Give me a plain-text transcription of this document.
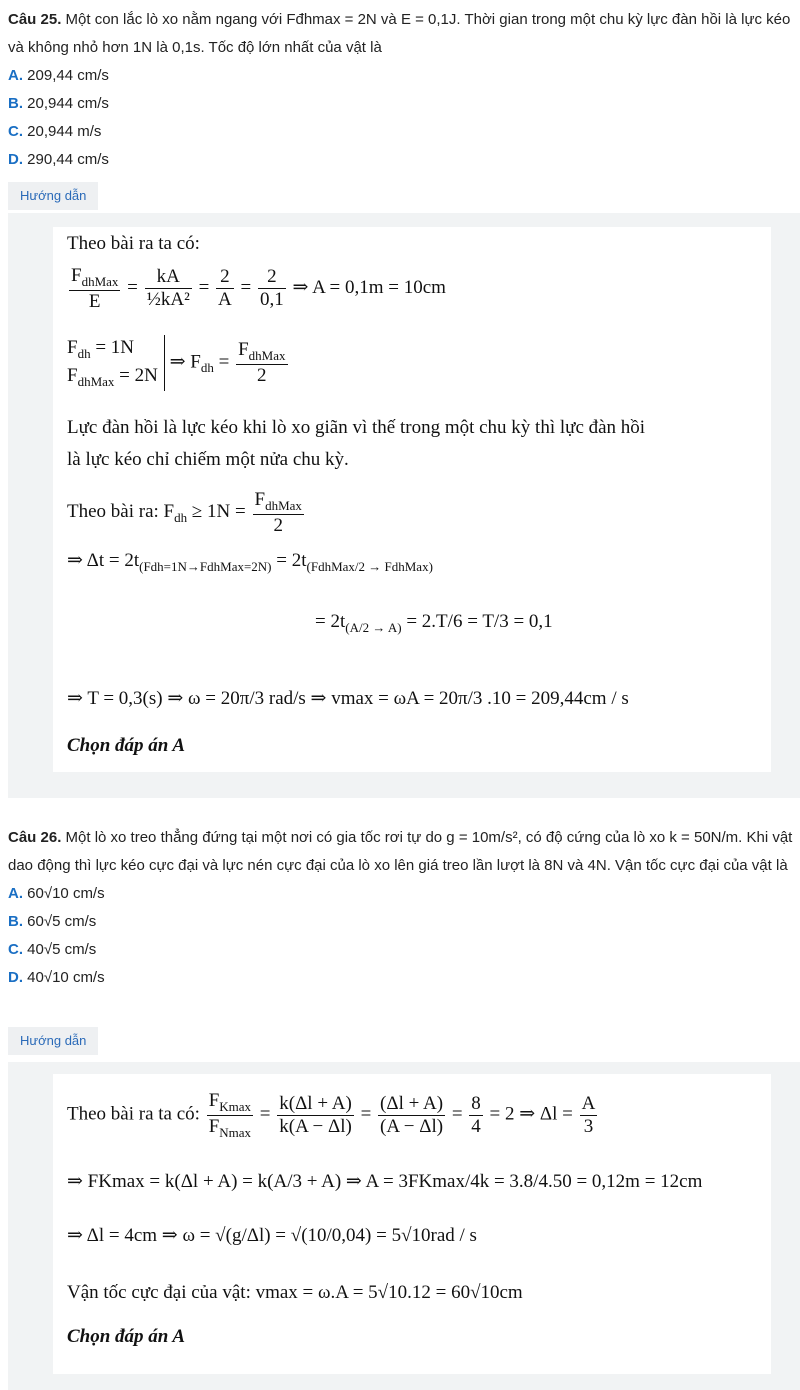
Câu 25. Một con lắc lò xo nằm ngang với Fđhmax = 2N và E = 0,1J. Thời gian trong một chu kỳ lực đàn hồi là lực kéo và không nhỏ hơn 1N là 0,1s. Tốc độ lớn nhất của vật là
A. 209,44 cm/s
B. 20,944 cm/s
C. 20,944 m/s
D. 290,44 cm/s
Hướng dẫn
Theo bài ra ta có:
$\frac{F_{dhMax}}{E} = \frac{kA}{\text{½kA²}} = \frac{2}{A} = \frac{2}{0,1}$ ⇒ A = 0,1m = 10cm
$F_{dh} = 1N$
$F_{dhMax} = 2N$ ⇒ $F_{dh} = \frac{F_{dhMax}}{2}$
Lực đàn hồi là lực kéo khi lò xo giãn vì thế trong một chu kỳ thì lực đàn hồi
là lực kéo chỉ chiếm một nửa chu kỳ.
Theo bài ra: $F_{dh} \ge 1N = \frac{F_{dhMax}}{2}$
⇒ $\Delta t = 2t_{(Fdh=1N\to FdhMax=2N)} = 2t_{(FdhMax/2 \to FdhMax)}$
= $2t_{(A/2 \to A)} = 2.T/6 = T/3 = 0,1$
⇒ T = 0,3(s) ⇒ ω = 20π/3 rad/s ⇒ vmax = ωA = 20π/3 .10 = 209,44cm / s
Chọn đáp án A
Câu 26. Một lò xo treo thẳng đứng tại một nơi có gia tốc rơi tự do g = 10m/s², có độ cứng của lò xo k = 50N/m. Khi vật dao động thì lực kéo cực đại và lực nén cực đại của lò xo lên giá treo lần lượt là 8N và 4N. Vận tốc cực đại của vật là
A. 60√10 cm/s
B. 60√5 cm/s
C. 40√5 cm/s
D. 40√10 cm/s
Hướng dẫn
Theo bài ra ta có: $\frac{F_{Kmax}}{F_{Nmax}} = \frac{k(\Delta l + A)}{k(A - \Delta l)} = \frac{(\Delta l + A)}{(A - \Delta l)} = \frac{8}{4} = 2$ ⇒ $\Delta l = \frac{A}{3}$
⇒ FKmax = k(Δl + A) = k(A/3 + A) ⇒ A = 3FKmax/4k = 3.8/4.50 = 0,12m = 12cm
⇒ Δl = 4cm ⇒ ω = √(g/Δl) = √(10/0,04) = 5√10rad / s
Vận tốc cực đại của vật: vmax = ω.A = 5√10.12 = 60√10cm
Chọn đáp án A
